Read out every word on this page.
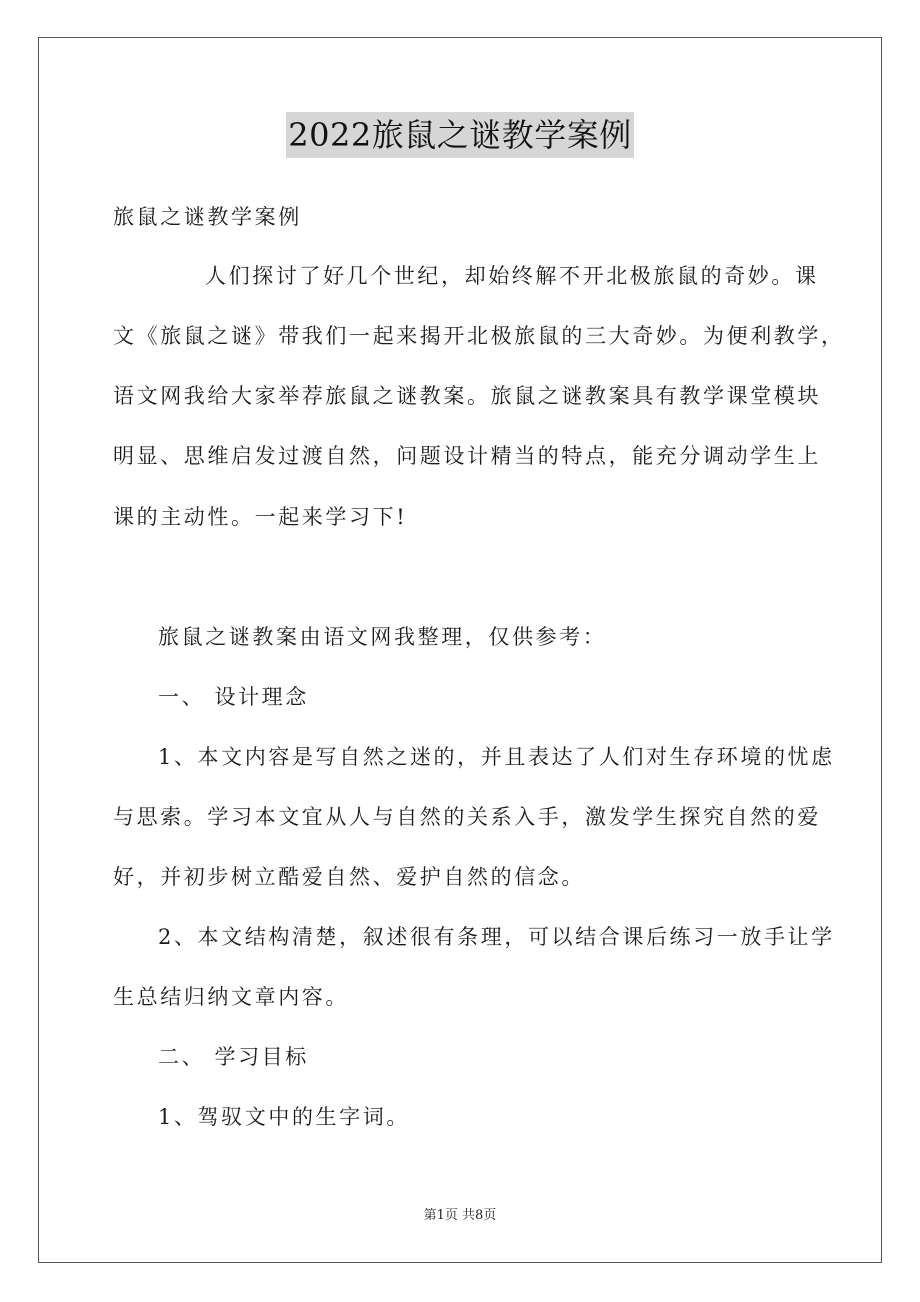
2022旅鼠之谜教学案例
旅鼠之谜教学案例
人们探讨了好几个世纪，却始终解不开北极旅鼠的奇妙。课
文《旅鼠之谜》带我们一起来揭开北极旅鼠的三大奇妙。为便利教学，
语文网我给大家举荐旅鼠之谜教案。旅鼠之谜教案具有教学课堂模块
明显、思维启发过渡自然，问题设计精当的特点，能充分调动学生上
课的主动性。一起来学习下!
旅鼠之谜教案由语文网我整理，仅供参考：
一、 设计理念
1、本文内容是写自然之迷的，并且表达了人们对生存环境的忧虑
与思索。学习本文宜从人与自然的关系入手，激发学生探究自然的爱
好，并初步树立酷爱自然、爱护自然的信念。
2、本文结构清楚，叙述很有条理，可以结合课后练习一放手让学
生总结归纳文章内容。
二、 学习目标
1、驾驭文中的生字词。
第1页 共8页
